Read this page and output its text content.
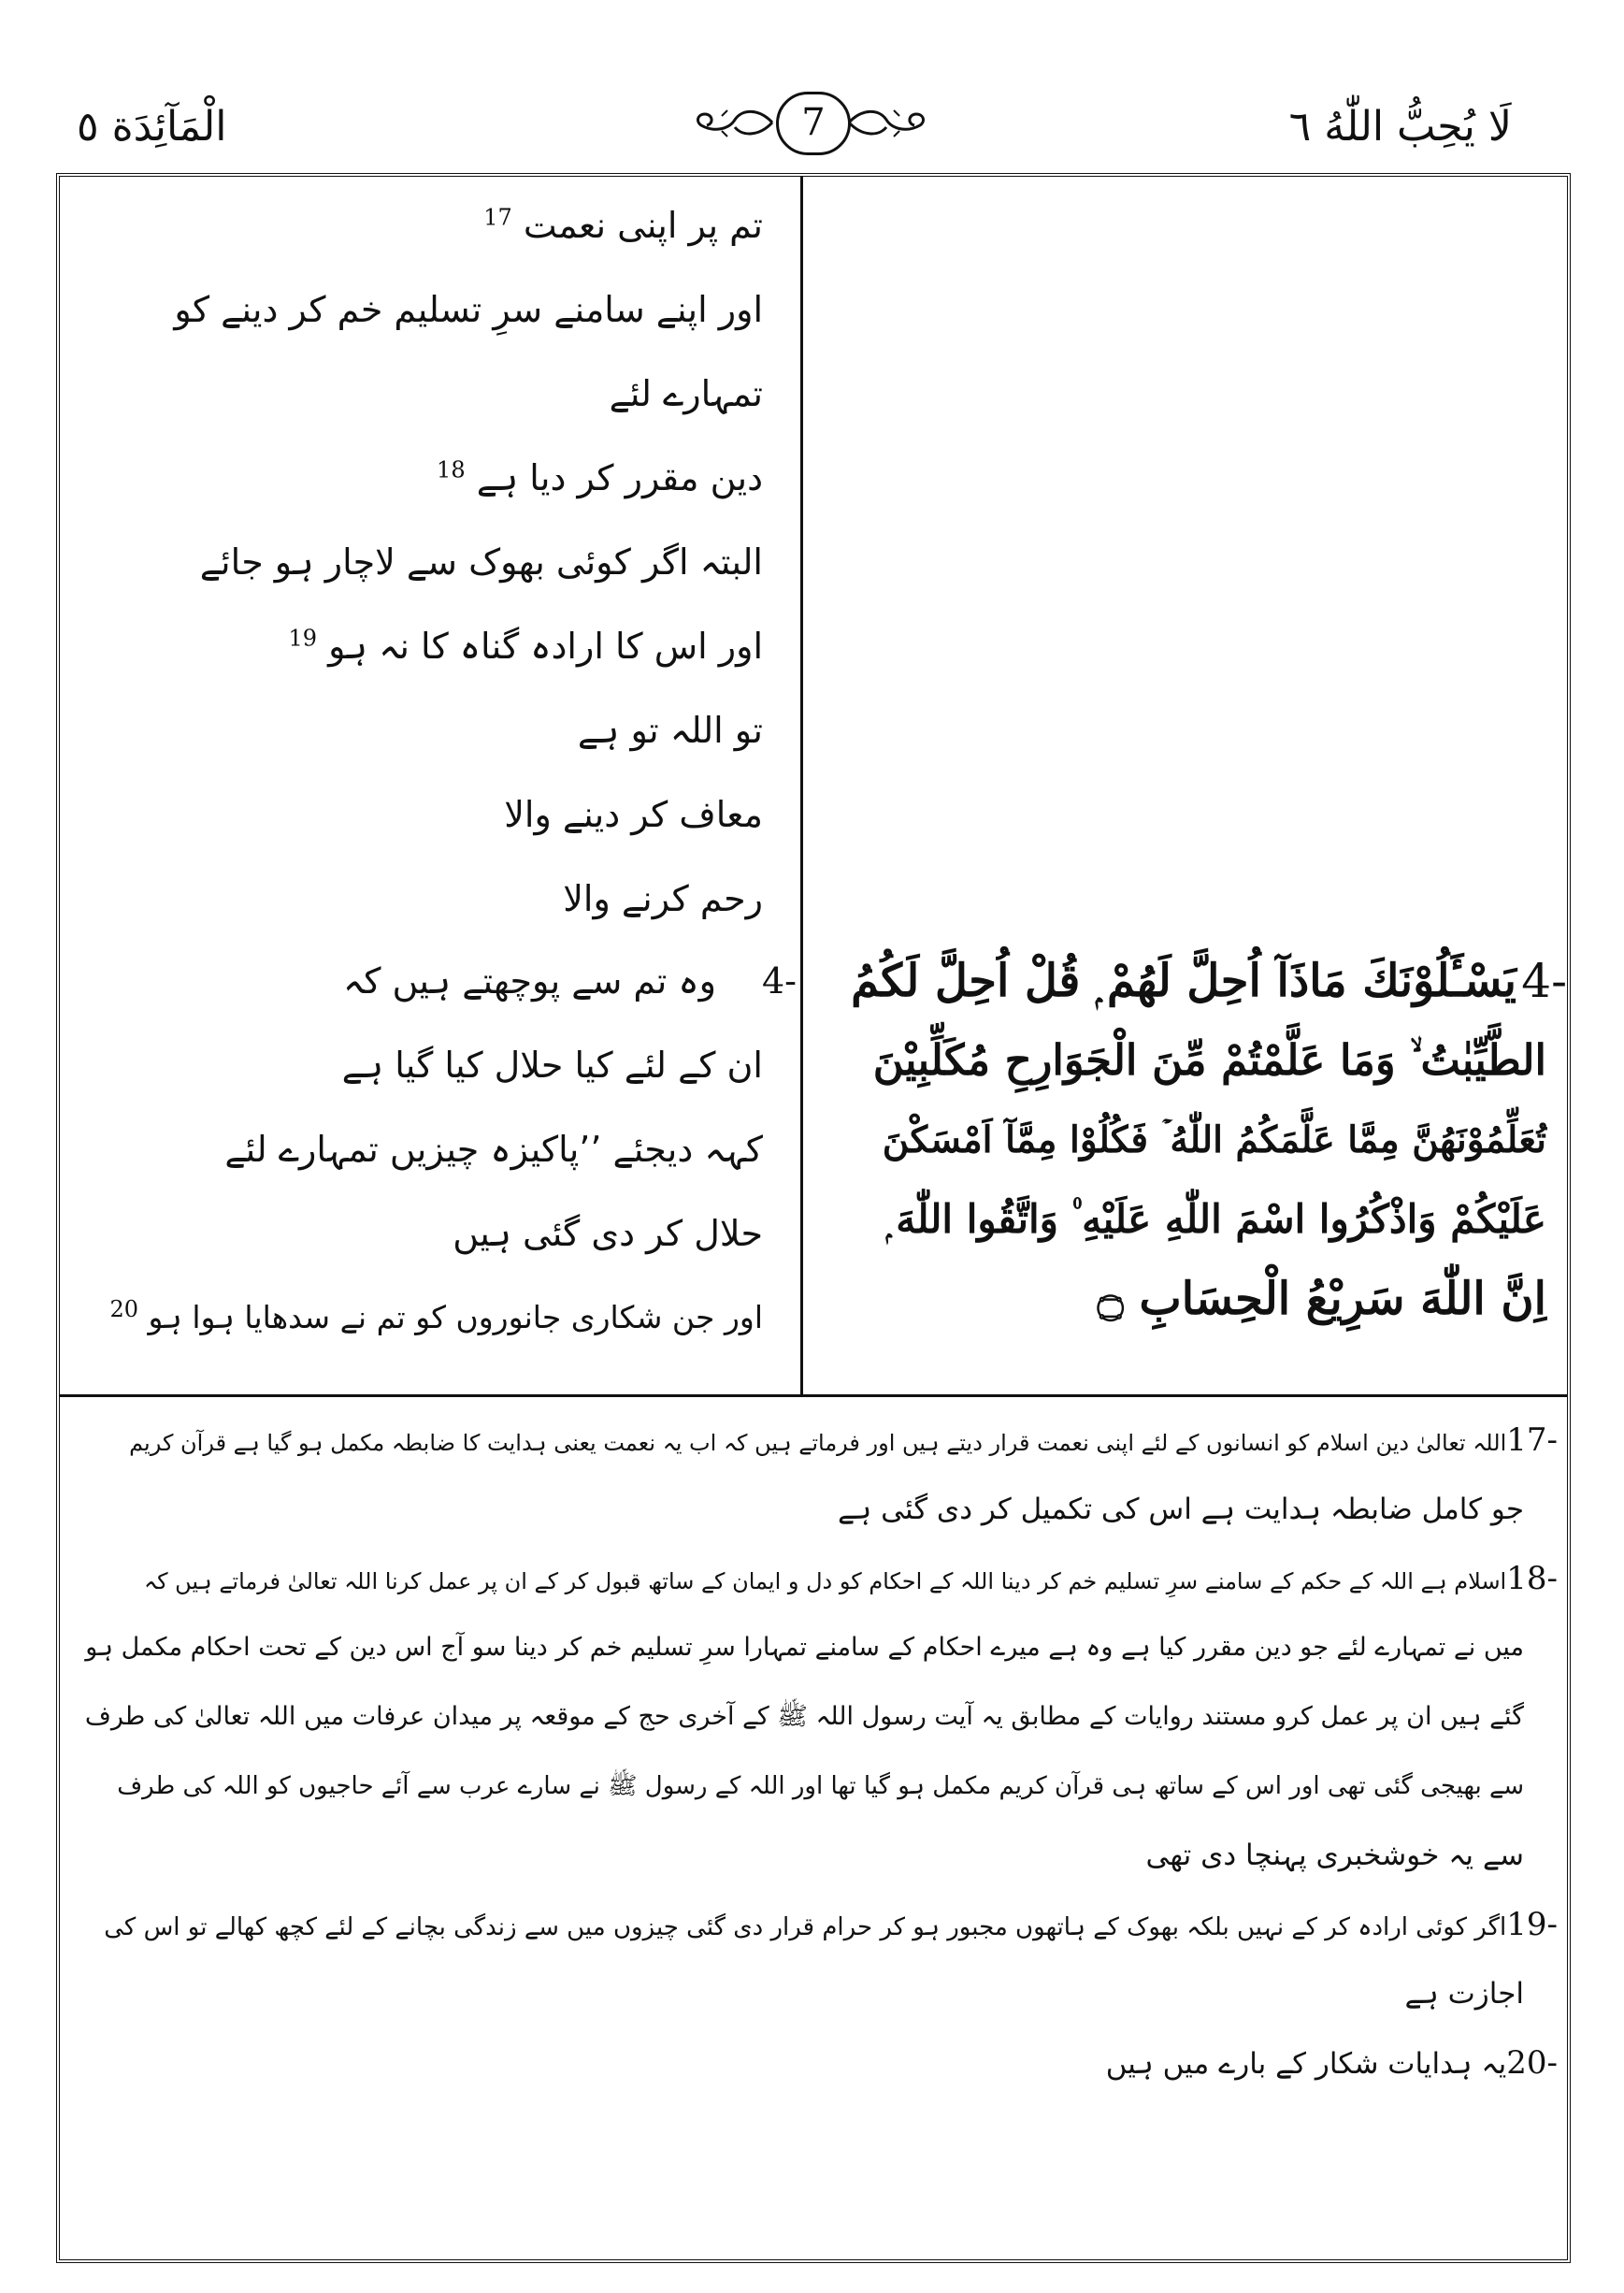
لَا يُحِبُّ اللّٰهُ ٦
الْمَآئِدَة ٥	7
تم پر اپنی نعمت $^{17}$
اور اپنے سامنے سرِ تسلیم خم کر دینے کو
تمہارے لئے
دین مقرر کر دیا ہے $^{18}$
البتہ اگر کوئی بھوک سے لاچار ہو جائے
اور اس کا ارادہ گناہ کا نہ ہو $^{19}$
تو اللہ تو ہے
معاف کر دینے والا
رحم کرنے والا
4-
وہ تم سے پوچھتے ہیں کہ
ان کے لئے کیا حلال کیا گیا ہے
کہہ دیجئے ’’پاکیزہ چیزیں تمہارے لئے
حلال کر دی گئی ہیں
اور جن شکاری جانوروں کو تم نے سدھایا ہوا ہو $^{20}$
4-
يَسْـَٔلُوْنَكَ مَاذَآ اُحِلَّ لَهُمْ ۭ قُلْ اُحِلَّ لَكُمُ
الطَّيِّبٰتُ ۙ وَمَا عَلَّمْتُمْ مِّنَ الْجَوَارِحِ مُكَلِّبِيْنَ
تُعَلِّمُوْنَهُنَّ مِمَّا عَلَّمَكُمُ اللّٰهُ ۡ فَكُلُوْا مِمَّآ اَمْسَكْنَ
عَلَيْكُمْ وَاذْكُرُوا اسْمَ اللّٰهِ عَلَيْهِ ۠ وَاتَّقُوا اللّٰهَ ۭ
اِنَّ اللّٰهَ سَرِيْعُ الْحِسَابِ ۝
17-اللہ تعالیٰ دین اسلام کو انسانوں کے لئے اپنی نعمت قرار دیتے ہیں اور فرماتے ہیں کہ اب یہ نعمت یعنی ہدایت کا ضابطہ مکمل ہو گیا ہے قرآن کریم
جو کامل ضابطہ ہدایت ہے اس کی تکمیل کر دی گئی ہے
18-اسلام ہے اللہ کے حکم کے سامنے سرِ تسلیم خم کر دینا اللہ کے احکام کو دل و ایمان کے ساتھ قبول کر کے ان پر عمل کرنا اللہ تعالیٰ فرماتے ہیں کہ
میں نے تمہارے لئے جو دین مقرر کیا ہے وہ ہے میرے احکام کے سامنے تمہارا سرِ تسلیم خم کر دینا سو آج اس دین کے تحت احکام مکمل ہو
گئے ہیں ان پر عمل کرو مستند روایات کے مطابق یہ آیت رسول اللہ ﷺ کے آخری حج کے موقعہ پر میدان عرفات میں اللہ تعالیٰ کی طرف
سے بھیجی گئی تھی اور اس کے ساتھ ہی قرآن کریم مکمل ہو گیا تھا اور اللہ کے رسول ﷺ نے سارے عرب سے آئے حاجیوں کو اللہ کی طرف
سے یہ خوشخبری پہنچا دی تھی
19-اگر کوئی ارادہ کر کے نہیں بلکہ بھوک کے ہاتھوں مجبور ہو کر حرام قرار دی گئی چیزوں میں سے زندگی بچانے کے لئے کچھ کھالے تو اس کی
اجازت ہے
20-یہ ہدایات شکار کے بارے میں ہیں
